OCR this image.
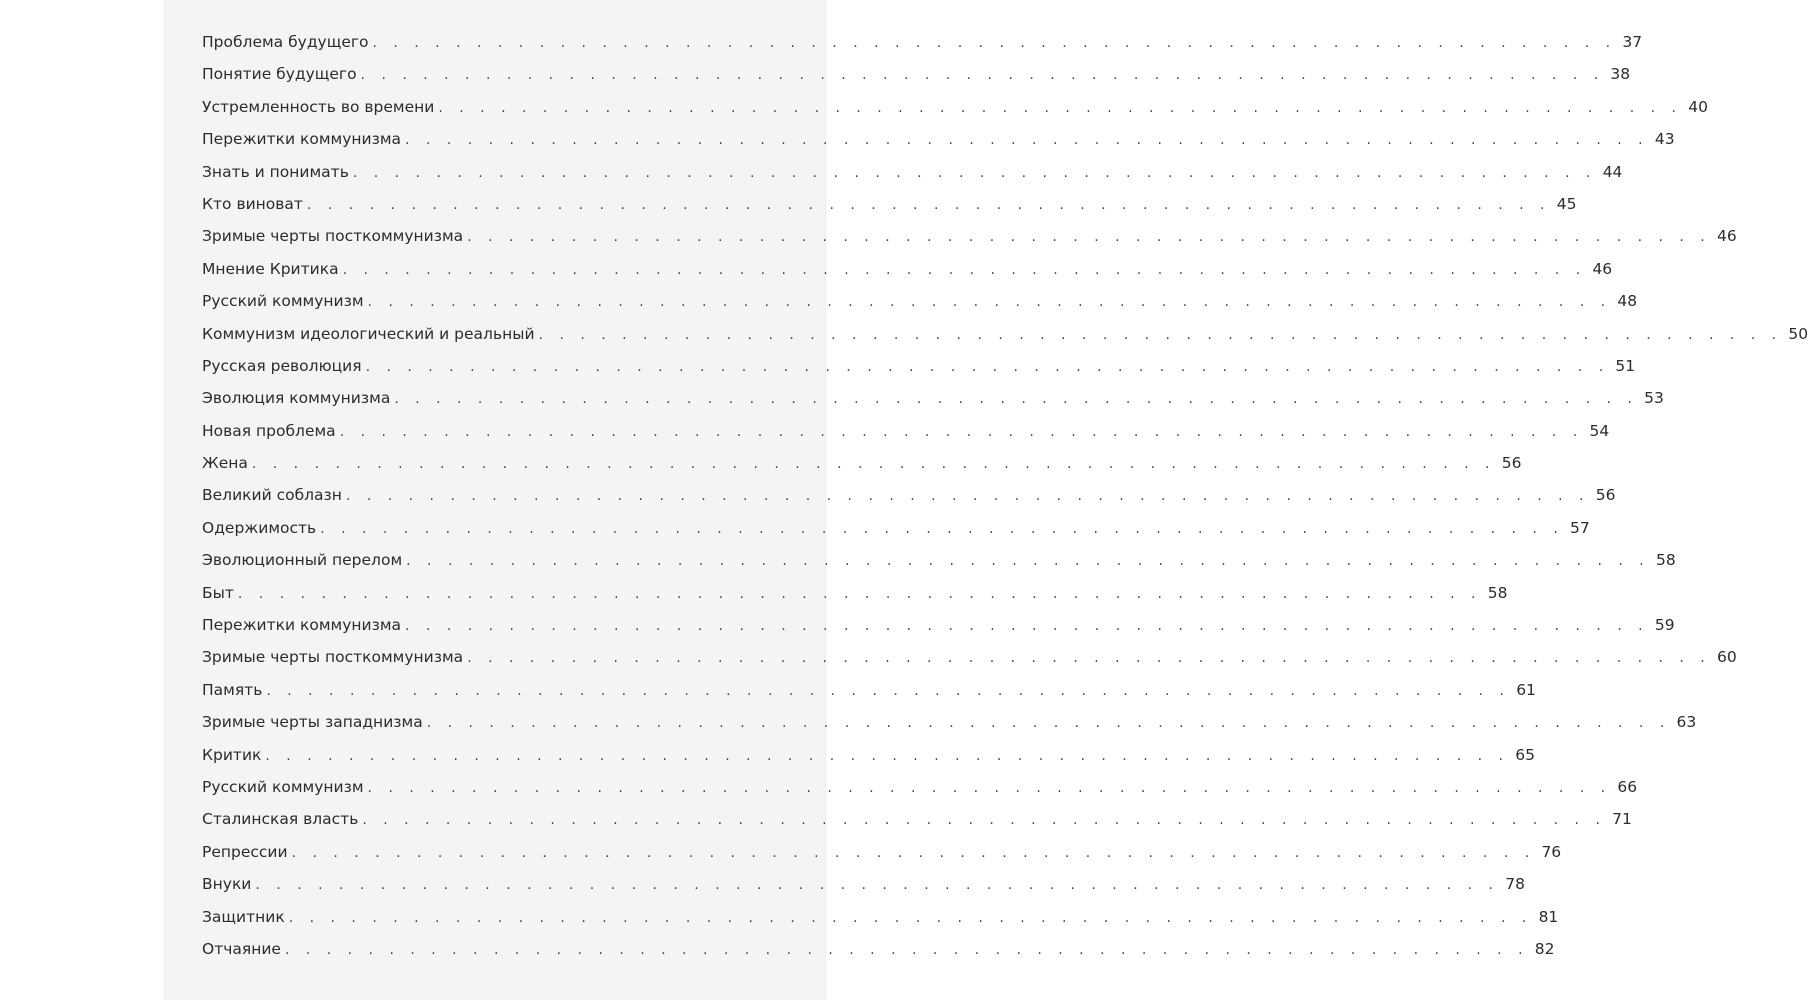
Проблема будущего . . . . . . . . . . . . . . . . . . . . . . . . . . . . . . . . . . . . . . . . . . . . . . . . . . . . . . . . . . . . 37
Понятие будущего . . . . . . . . . . . . . . . . . . . . . . . . . . . . . . . . . . . . . . . . . . . . . . . . . . . . . . . . . . . . 38
Устремленность во времени . . . . . . . . . . . . . . . . . . . . . . . . . . . . . . . . . . . . . . . . . . . . . . . . . . . . . . . . . . . . 40
Пережитки коммунизма . . . . . . . . . . . . . . . . . . . . . . . . . . . . . . . . . . . . . . . . . . . . . . . . . . . . . . . . . . . . 43
Знать и понимать . . . . . . . . . . . . . . . . . . . . . . . . . . . . . . . . . . . . . . . . . . . . . . . . . . . . . . . . . . . . 44
Кто виноват . . . . . . . . . . . . . . . . . . . . . . . . . . . . . . . . . . . . . . . . . . . . . . . . . . . . . . . . . . . . 45
Зримые черты посткоммунизма . . . . . . . . . . . . . . . . . . . . . . . . . . . . . . . . . . . . . . . . . . . . . . . . . . . . . . . . . . . . 46
Мнение Критика . . . . . . . . . . . . . . . . . . . . . . . . . . . . . . . . . . . . . . . . . . . . . . . . . . . . . . . . . . . . 46
Русский коммунизм . . . . . . . . . . . . . . . . . . . . . . . . . . . . . . . . . . . . . . . . . . . . . . . . . . . . . . . . . . . . 48
Коммунизм идеологический и реальный . . . . . . . . . . . . . . . . . . . . . . . . . . . . . . . . . . . . . . . . . . . . . . . . . . . . . . . . . . . . 50
Русская революция . . . . . . . . . . . . . . . . . . . . . . . . . . . . . . . . . . . . . . . . . . . . . . . . . . . . . . . . . . . . 51
Эволюция коммунизма . . . . . . . . . . . . . . . . . . . . . . . . . . . . . . . . . . . . . . . . . . . . . . . . . . . . . . . . . . . . 53
Новая проблема . . . . . . . . . . . . . . . . . . . . . . . . . . . . . . . . . . . . . . . . . . . . . . . . . . . . . . . . . . . . 54
Жена . . . . . . . . . . . . . . . . . . . . . . . . . . . . . . . . . . . . . . . . . . . . . . . . . . . . . . . . . . . . 56
Великий соблазн . . . . . . . . . . . . . . . . . . . . . . . . . . . . . . . . . . . . . . . . . . . . . . . . . . . . . . . . . . . . 56
Одержимость . . . . . . . . . . . . . . . . . . . . . . . . . . . . . . . . . . . . . . . . . . . . . . . . . . . . . . . . . . . . 57
Эволюционный перелом . . . . . . . . . . . . . . . . . . . . . . . . . . . . . . . . . . . . . . . . . . . . . . . . . . . . . . . . . . . . 58
Быт . . . . . . . . . . . . . . . . . . . . . . . . . . . . . . . . . . . . . . . . . . . . . . . . . . . . . . . . . . . . 58
Пережитки коммунизма . . . . . . . . . . . . . . . . . . . . . . . . . . . . . . . . . . . . . . . . . . . . . . . . . . . . . . . . . . . . 59
Зримые черты посткоммунизма . . . . . . . . . . . . . . . . . . . . . . . . . . . . . . . . . . . . . . . . . . . . . . . . . . . . . . . . . . . . 60
Память . . . . . . . . . . . . . . . . . . . . . . . . . . . . . . . . . . . . . . . . . . . . . . . . . . . . . . . . . . . . 61
Зримые черты западнизма . . . . . . . . . . . . . . . . . . . . . . . . . . . . . . . . . . . . . . . . . . . . . . . . . . . . . . . . . . . . 63
Критик . . . . . . . . . . . . . . . . . . . . . . . . . . . . . . . . . . . . . . . . . . . . . . . . . . . . . . . . . . . . 65
Русский коммунизм . . . . . . . . . . . . . . . . . . . . . . . . . . . . . . . . . . . . . . . . . . . . . . . . . . . . . . . . . . . . 66
Сталинская власть . . . . . . . . . . . . . . . . . . . . . . . . . . . . . . . . . . . . . . . . . . . . . . . . . . . . . . . . . . . . 71
Репрессии . . . . . . . . . . . . . . . . . . . . . . . . . . . . . . . . . . . . . . . . . . . . . . . . . . . . . . . . . . . . 76
Внуки . . . . . . . . . . . . . . . . . . . . . . . . . . . . . . . . . . . . . . . . . . . . . . . . . . . . . . . . . . . . 78
Защитник . . . . . . . . . . . . . . . . . . . . . . . . . . . . . . . . . . . . . . . . . . . . . . . . . . . . . . . . . . . . 81
Отчаяние . . . . . . . . . . . . . . . . . . . . . . . . . . . . . . . . . . . . . . . . . . . . . . . . . . . . . . . . . . . . 82
